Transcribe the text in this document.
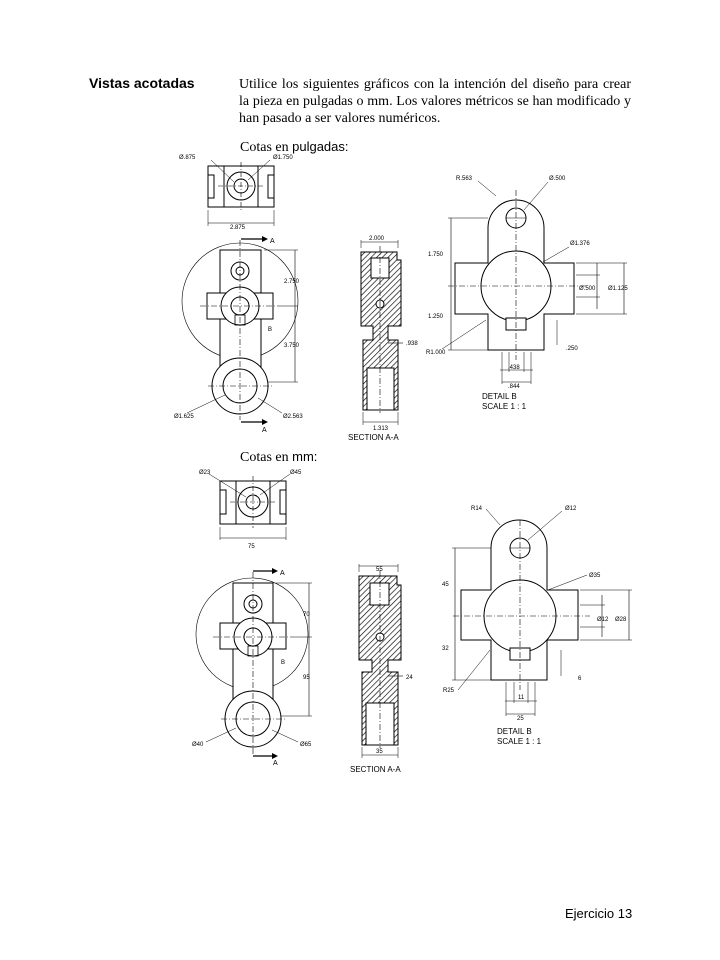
Vistas acotadas	Utilice los siguientes gráficos con la intención del diseño para crear la pieza en pulgadas o mm. Los valores métricos se han modificado y han pasado a ser valores numéricos.

Cotas en pulgadas:
Cotas en mm:
Ejercicio 13
Ø.875	Ø1.750
2.875
A
A
B
2.750
3.750
Ø1.625	Ø2.563
2.000
.938
1.313
SECTION A-A
R.563	Ø.500
Ø1.376
1.750
1.250
Ø.500 Ø1.125
.250
R1.000
.438
.844
DETAIL B
SCALE 1 : 1
Ø23	Ø45
75
A
A
B
70
95
Ø40	Ø65
55
24
35
SECTION A-A
R14	Ø12
Ø35
45
32
Ø12 Ø28
6
R25
11
25
DETAIL B
SCALE 1 : 1
